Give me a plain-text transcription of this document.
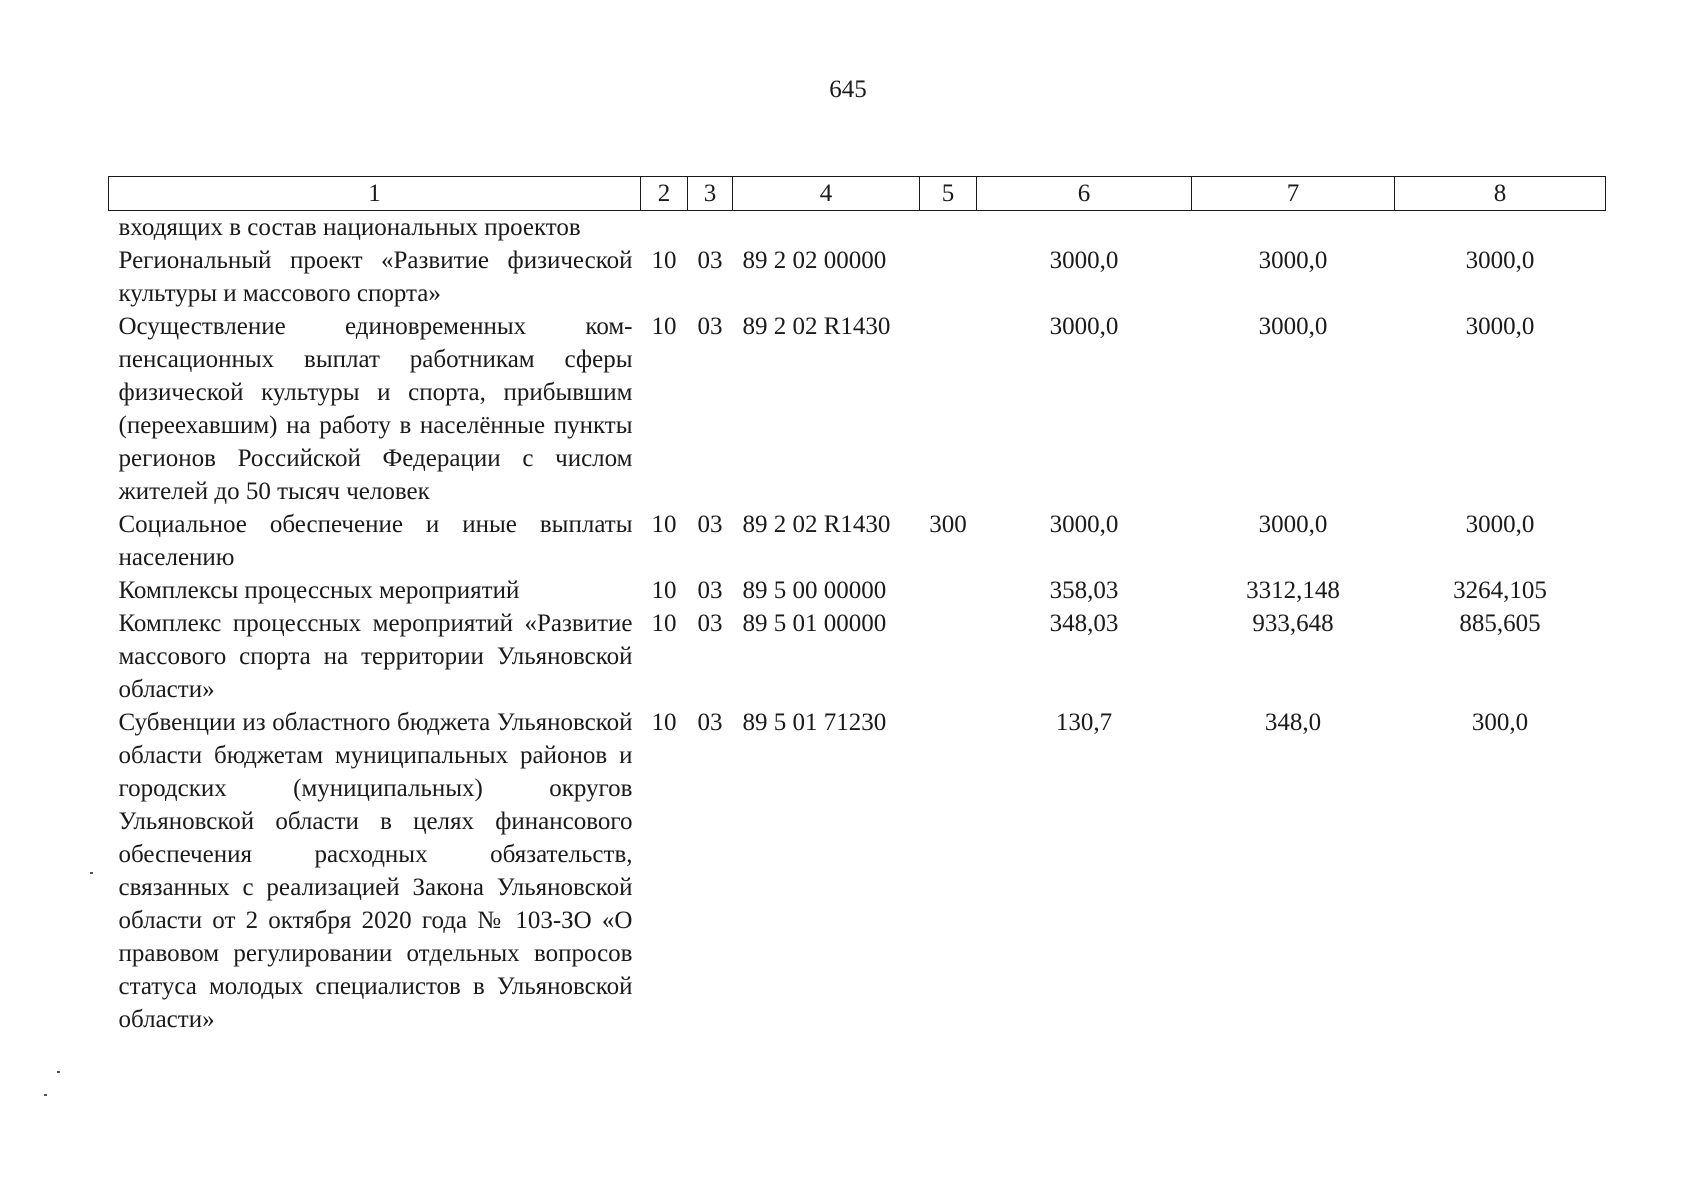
645
1	2	3	4	5	6	7	8
входящих в состав национальных проектов							
Региональный проект «Развитие физической культуры и массового спорта»	10	03	89 2 02 00000		3000,0	3000,0	3000,0
Осуществление единовременных компенсационных выплат работникам сферы физической культуры и спорта, прибывшим (переехавшим) на работу в населённые пункты регионов Российской Федерации с числом жителей до 50 тысяч человек	10	03	89 2 02 R1430		3000,0	3000,0	3000,0
Социальное обеспечение и иные выплаты населению	10	03	89 2 02 R1430	300	3000,0	3000,0	3000,0
Комплексы процессных мероприятий	10	03	89 5 00 00000		358,03	3312,148	3264,105
Комплекс процессных мероприятий «Развитие массового спорта на территории Ульяновской области»	10	03	89 5 01 00000		348,03	933,648	885,605
Субвенции из областного бюджета Ульяновской области бюджетам муниципальных районов и городских (муниципальных) округов Ульяновской области в целях финансового обеспечения расходных обязательств, связанных с реализацией Закона Ульяновской области от 2 октября 2020 года № 103-ЗО «О правовом регулировании отдельных вопросов статуса молодых специалистов в Ульяновской области»	10	03	89 5 01 71230		130,7	348,0	300,0
